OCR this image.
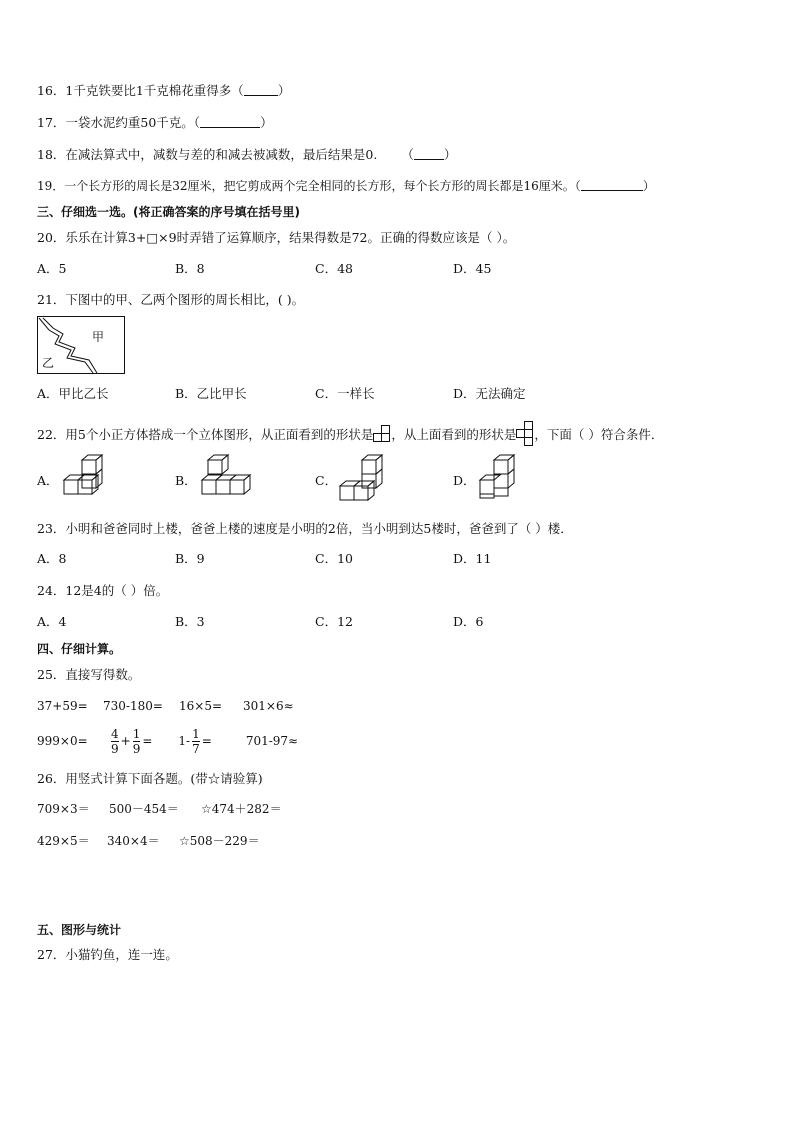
16．1千克铁要比1千克棉花重得多（	）
17．一袋水泥约重50千克。（	）
18．在减法算式中，减数与差的和减去被减数，最后结果是0. （ ）
19．一个长方形的周长是32厘米，把它剪成两个完全相同的长方形，每个长方形的周长都是16厘米。（	）
三、仔细选一选。(将正确答案的序号填在括号里)
20．乐乐在计算3+□×9时弄错了运算顺序，结果得数是72。正确的得数应该是（ ）。
A．5	B．8	C．48	D．45
21．下图中的甲、乙两个图形的周长相比，( )。
甲
乙
A．甲比乙长	B．乙比甲长	C．一样长	D．无法确定
22．用5个小正方体搭成一个立体图形，从正面看到的形状是 ，从上面看到的形状是 ，下面（ ）符合条件．
A．	B．	C．	D．
23．小明和爸爸同时上楼，爸爸上楼的速度是小明的2倍，当小明到达5楼时，爸爸到了（ ）楼．
A．8	B．9	C．10	D．11
24．12是4的（ ）倍。
A．4	B．3	C．12	D．6
四、仔细计算。
25．直接写得数。
37+59= 730-180= 16×5= 301×6≈
$999\times 0= \frac{4}{9} + \frac{1}{9} = 1- \frac{1}{7}$ =	701-97≈
26．用竖式计算下面各题。(带☆请验算)
709×3＝ 500－454＝ ☆474＋282＝
429×5＝ 340×4＝ ☆508－229＝
五、图形与统计
27．小猫钓鱼，连一连。
